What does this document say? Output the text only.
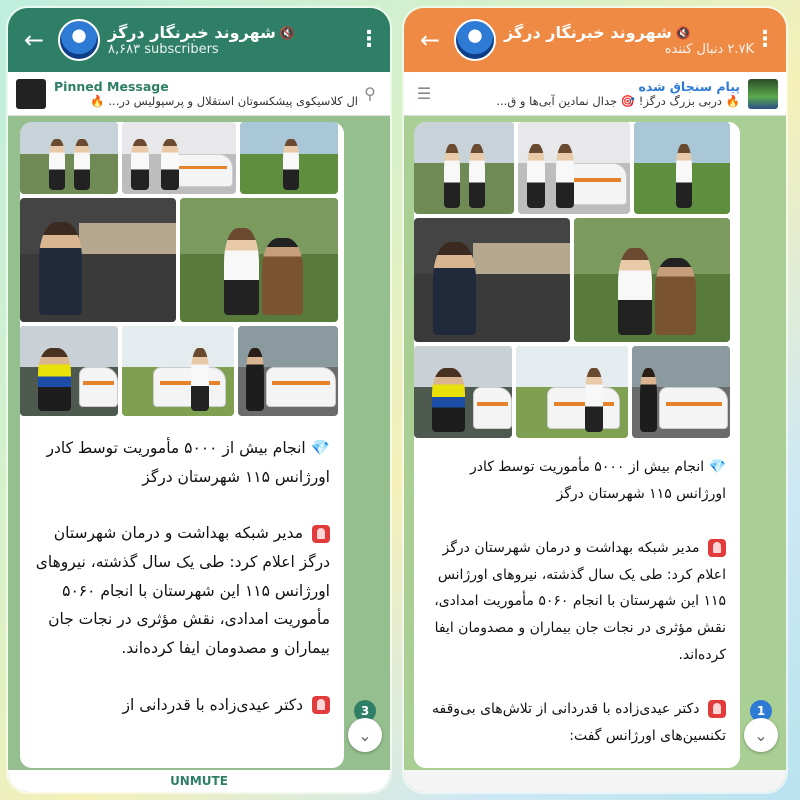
←	🔇
شهروند خبرنگار درگز
۸,۶۸۳ subscribers	⋮
Pinned Message
ال کلاسیکوی پیشکسوتان استقلال و پرسپولیس در... 🔥 ⚲

💎 انجام بیش از ۵۰۰۰ مأموریت توسط کادر اورژانس ۱۱۵ شهرستان درگز

مدیر شبکه بهداشت و درمان شهرستان درگز اعلام کرد: طی یک سال گذشته، نیروهای اورژانس ۱۱۵ این شهرستان با انجام ۵۰۶۰ مأموریت امدادی، نقش مؤثری در نجات جان بیماران و مصدومان ایفا کرده‌اند.

دکتر عیدی‌زاده با قدردانی از	3
⌄
UNMUTE
←	🔇
شهروند خبرنگار درگز
۲.۷K دنبال کننده ⋮
☰	پیام سنجاق شده
🔥 دربی بزرگ درگز! 🎯 جدال نمادین آبی‌ها و ق...

💎 انجام بیش از ۵۰۰۰ مأموریت توسط کادر اورژانس ۱۱۵ شهرستان درگز

مدیر شبکه بهداشت و درمان شهرستان درگز اعلام کرد: طی یک سال گذشته، نیروهای اورژانس ۱۱۵ این شهرستان با انجام ۵۰۶۰ مأموریت امدادی، نقش مؤثری در نجات جان بیماران و مصدومان ایفا کرده‌اند.

دکتر عیدی‌زاده با قدردانی از تلاش‌های بی‌وقفه تکنسین‌های اورژانس گفت:

1
⌄
